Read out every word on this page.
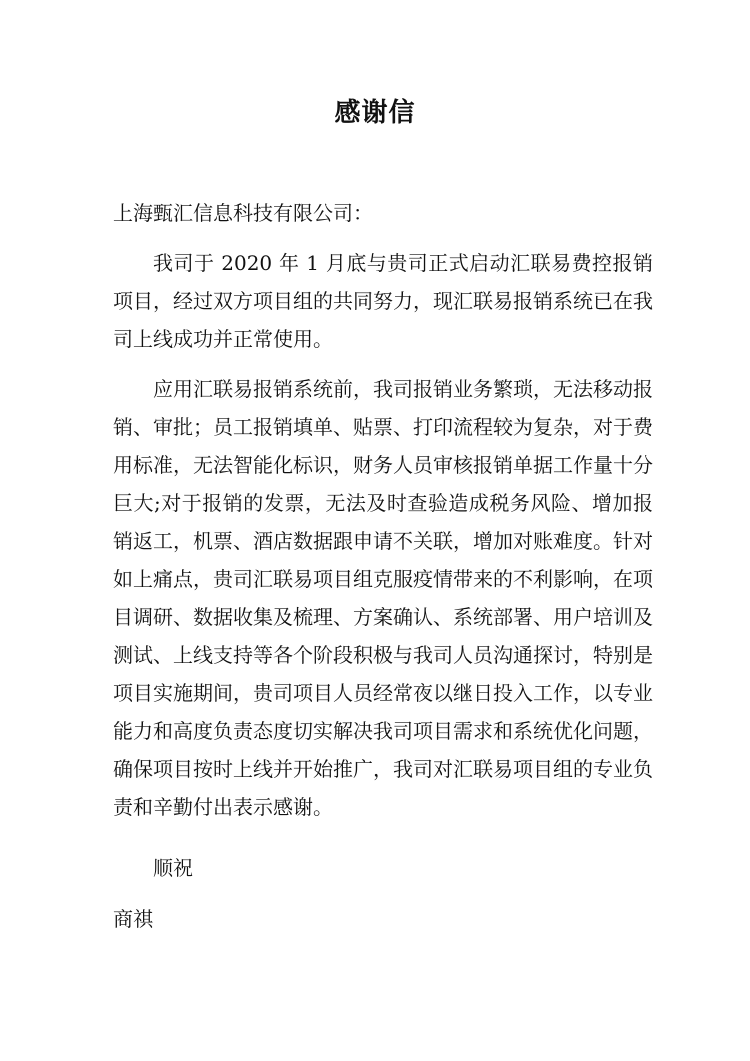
感谢信

上海甄汇信息科技有限公司：

我司于 2020 年 1 月底与贵司正式启动汇联易费控报销项目，经过双方项目组的共同努力，现汇联易报销系统已在我司上线成功并正常使用。

应用汇联易报销系统前，我司报销业务繁琐，无法移动报销、审批；员工报销填单、贴票、打印流程较为复杂，对于费用标准，无法智能化标识，财务人员审核报销单据工作量十分巨大;对于报销的发票，无法及时查验造成税务风险、增加报销返工，机票、酒店数据跟申请不关联，增加对账难度。针对如上痛点，贵司汇联易项目组克服疫情带来的不利影响，在项目调研、数据收集及梳理、方案确认、系统部署、用户培训及测试、上线支持等各个阶段积极与我司人员沟通探讨，特别是项目实施期间，贵司项目人员经常夜以继日投入工作，以专业能力和高度负责态度切实解决我司项目需求和系统优化问题，确保项目按时上线并开始推广，我司对汇联易项目组的专业负责和辛勤付出表示感谢。

顺祝

商祺
